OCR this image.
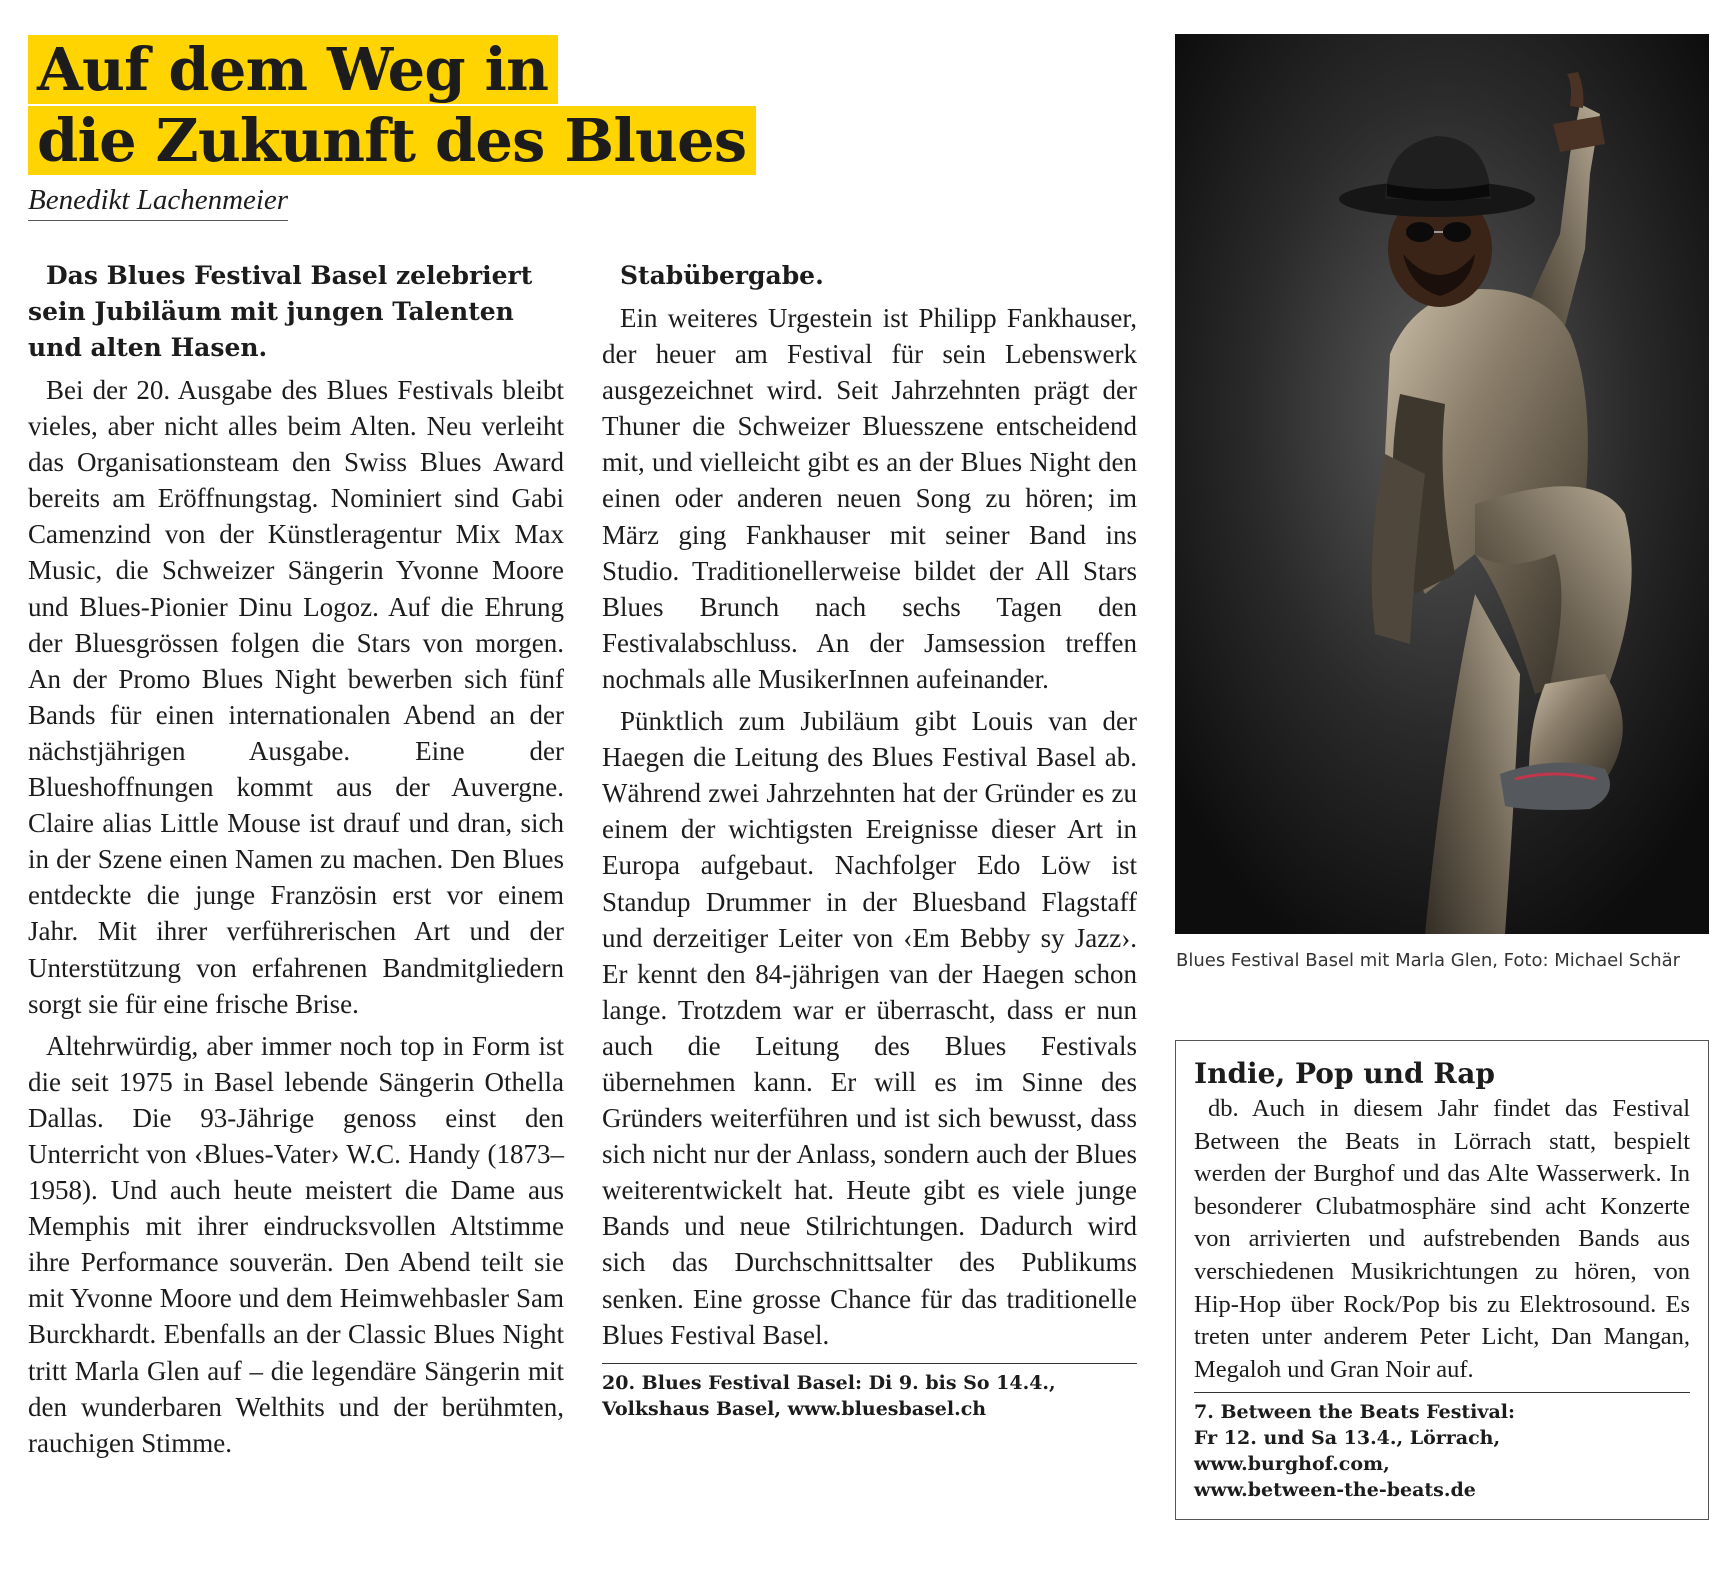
Auf dem Weg in
die Zukunft des Blues
Benedikt Lachenmeier

Das Blues Festival Basel zelebriert sein Jubiläum mit jungen Talenten und alten Hasen.

Bei der 20. Ausgabe des Blues Festivals bleibt vieles, aber nicht alles beim Alten. Neu verleiht das Organisationsteam den Swiss Blues Award bereits am Eröffnungstag. Nominiert sind Gabi Camenzind von der Künstleragentur Mix Max Music, die Schweizer Sängerin Yvonne Moore und Blues-Pionier Dinu Logoz. Auf die Ehrung der Bluesgrössen folgen die Stars von morgen. An der Promo Blues Night bewerben sich fünf Bands für einen internationalen Abend an der nächstjährigen Ausgabe. Eine der Blueshoffnungen kommt aus der Auvergne. Claire alias Little Mouse ist drauf und dran, sich in der Szene einen Namen zu machen. Den Blues entdeckte die junge Französin erst vor einem Jahr. Mit ihrer verführerischen Art und der Unterstützung von erfahrenen Bandmitgliedern sorgt sie für eine frische Brise.

Altehrwürdig, aber immer noch top in Form ist die seit 1975 in Basel lebende Sängerin Othella Dallas. Die 93-Jährige genoss einst den Unterricht von ‹Blues-Vater› W.C. Handy (1873–1958). Und auch heute meistert die Dame aus Memphis mit ihrer eindrucksvollen Altstimme ihre Performance souverän. Den Abend teilt sie mit Yvonne Moore und dem Heimwehbasler Sam Burckhardt. Ebenfalls an der Classic Blues Night tritt Marla Glen auf – die legendäre Sängerin mit den wunderbaren Welthits und der berühmten, rauchigen Stimme.

Stabübergabe.

Ein weiteres Urgestein ist Philipp Fankhauser, der heuer am Festival für sein Lebenswerk ausgezeichnet wird. Seit Jahrzehnten prägt der Thuner die Schweizer Bluesszene entscheidend mit, und vielleicht gibt es an der Blues Night den einen oder anderen neuen Song zu hören; im März ging Fankhauser mit seiner Band ins Studio. Traditionellerweise bildet der All Stars Blues Brunch nach sechs Tagen den Festivalabschluss. An der Jamsession treffen nochmals alle MusikerInnen aufeinander.

Pünktlich zum Jubiläum gibt Louis van der Haegen die Leitung des Blues Festival Basel ab. Während zwei Jahrzehnten hat der Gründer es zu einem der wichtigsten Ereignisse dieser Art in Europa aufgebaut. Nachfolger Edo Löw ist Standup Drummer in der Bluesband Flagstaff und derzeitiger Leiter von ‹Em Bebby sy Jazz›. Er kennt den 84-jährigen van der Haegen schon lange. Trotzdem war er überrascht, dass er nun auch die Leitung des Blues Festivals übernehmen kann. Er will es im Sinne des Gründers weiterführen und ist sich bewusst, dass sich nicht nur der Anlass, sondern auch der Blues weiterentwickelt hat. Heute gibt es viele junge Bands und neue Stilrichtungen. Dadurch wird sich das Durchschnittsalter des Publikums senken. Eine grosse Chance für das traditionelle Blues Festival Basel.

20. Blues Festival Basel: Di 9. bis So 14.4.,
Volkshaus Basel, www.bluesbasel.ch
Blues Festival Basel mit Marla Glen, Foto: Michael Schär
Indie, Pop und Rap

db. Auch in diesem Jahr findet das Festival Between the Beats in Lörrach statt, bespielt werden der Burghof und das Alte Wasserwerk. In besonderer Clubatmosphäre sind acht Konzerte von arrivierten und aufstrebenden Bands aus verschiedenen Musikrichtungen zu hören, von Hip-Hop über Rock/Pop bis zu Elektrosound. Es treten unter anderem Peter Licht, Dan Mangan, Megaloh und Gran Noir auf.

7. Between the Beats Festival:
Fr 12. und Sa 13.4., Lörrach, www.burghof.com,
www.between-the-beats.de
